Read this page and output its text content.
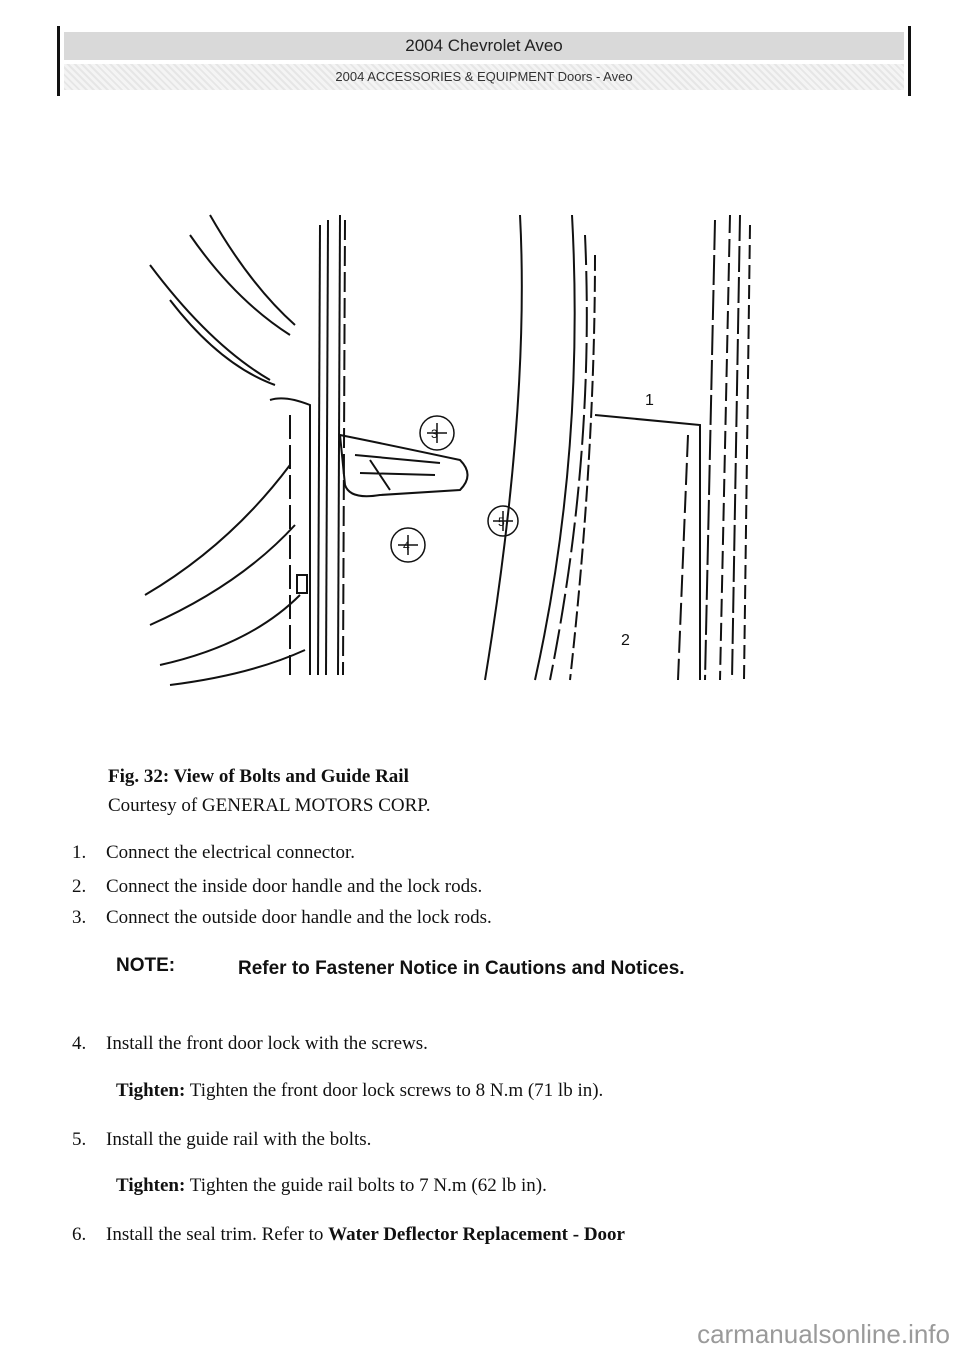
2004 Chevrolet Aveo
2004 ACCESSORIES & EQUIPMENT Doors - Aveo
1
2
3
4
5
Fig. 32: View of Bolts and Guide Rail
Courtesy of GENERAL MOTORS CORP.
1. Connect the electrical connector.
2. Connect the inside door handle and the lock rods.
3. Connect the outside door handle and the lock rods.
NOTE:	Refer to Fastener Notice in Cautions and Notices.
4. Install the front door lock with the screws.
Tighten: Tighten the front door lock screws to 8 N.m (71 lb in).
5. Install the guide rail with the bolts.
Tighten: Tighten the guide rail bolts to 7 N.m (62 lb in).
6. Install the seal trim. Refer to Water Deflector Replacement - Door
carmanualsonline.info
